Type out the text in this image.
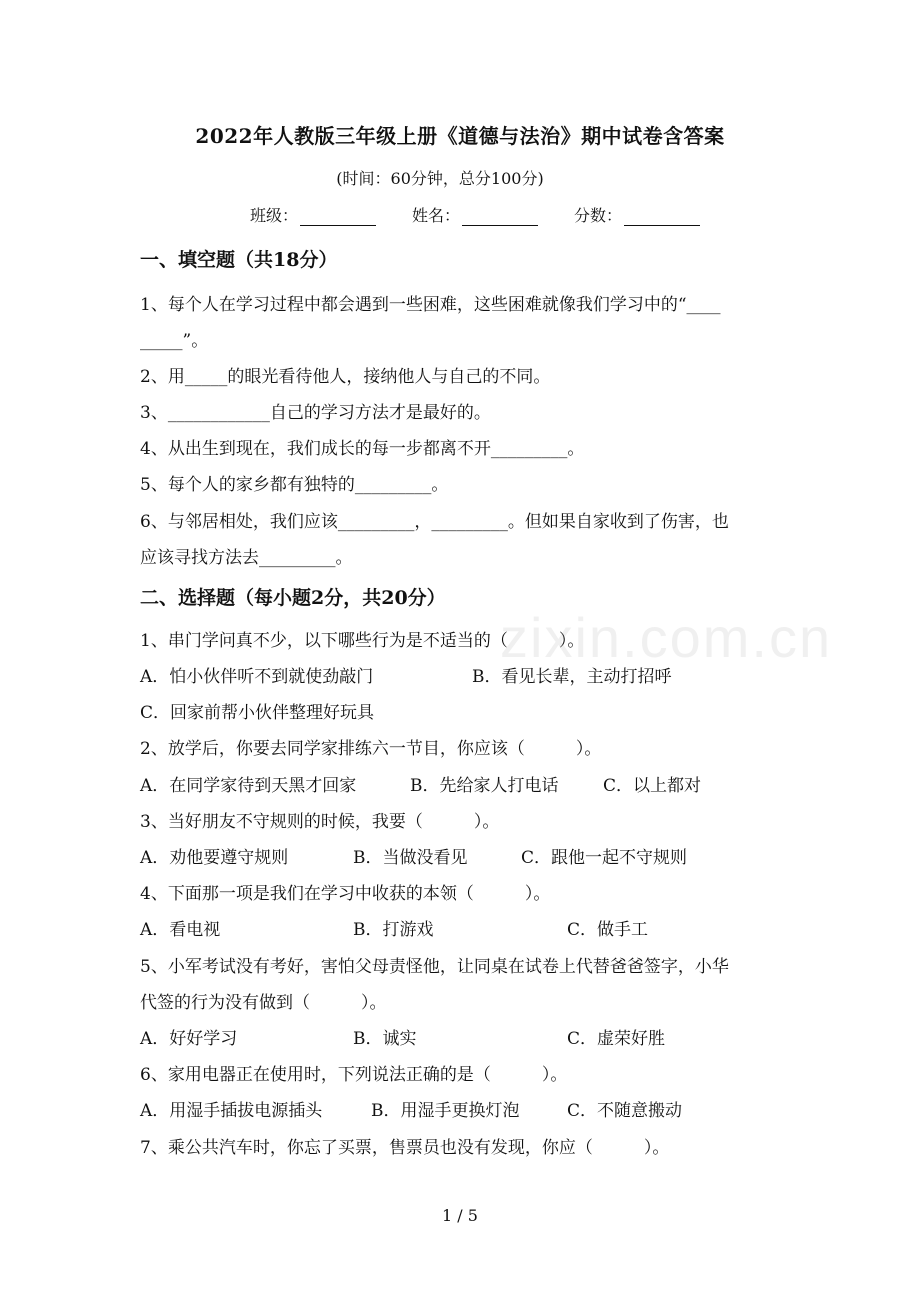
2022年人教版三年级上册《道德与法治》期中试卷含答案
(时间：60分钟，总分100分)
班级：	姓名：	分数：
一、填空题（共18分）
1、每个人在学习过程中都会遇到一些困难，这些困难就像我们学习中的“____
_____”。
2、用_____的眼光看待他人，接纳他人与自己的不同。
3、____________自己的学习方法才是最好的。
4、从出生到现在，我们成长的每一步都离不开_________。
5、每个人的家乡都有独特的_________。
6、与邻居相处，我们应该_________，_________。但如果自家收到了伤害，也
应该寻找方法去_________。
二、选择题（每小题2分，共20分）
1、串门学问真不少，以下哪些行为是不适当的（　　　）。
A．怕小伙伴听不到就使劲敲门	B．看见长辈，主动打招呼
C．回家前帮小伙伴整理好玩具
2、放学后，你要去同学家排练六一节目，你应该（　　　）。
A．在同学家待到天黑才回家	B．先给家人打电话	C．以上都对
3、当好朋友不守规则的时候，我要（　　　）。
A．劝他要遵守规则	B．当做没看见	C．跟他一起不守规则
4、下面那一项是我们在学习中收获的本领（　　　）。
A．看电视	B．打游戏	C．做手工
5、小军考试没有考好，害怕父母责怪他，让同桌在试卷上代替爸爸签字，小华
代签的行为没有做到（　　　）。
A．好好学习	B．诚实	C．虚荣好胜
6、家用电器正在使用时，下列说法正确的是（　　　）。
A．用湿手插拔电源插头	B．用湿手更换灯泡	C．不随意搬动
7、乘公共汽车时，你忘了买票，售票员也没有发现，你应（　　　）。
zixin.com.cn
1 / 5
